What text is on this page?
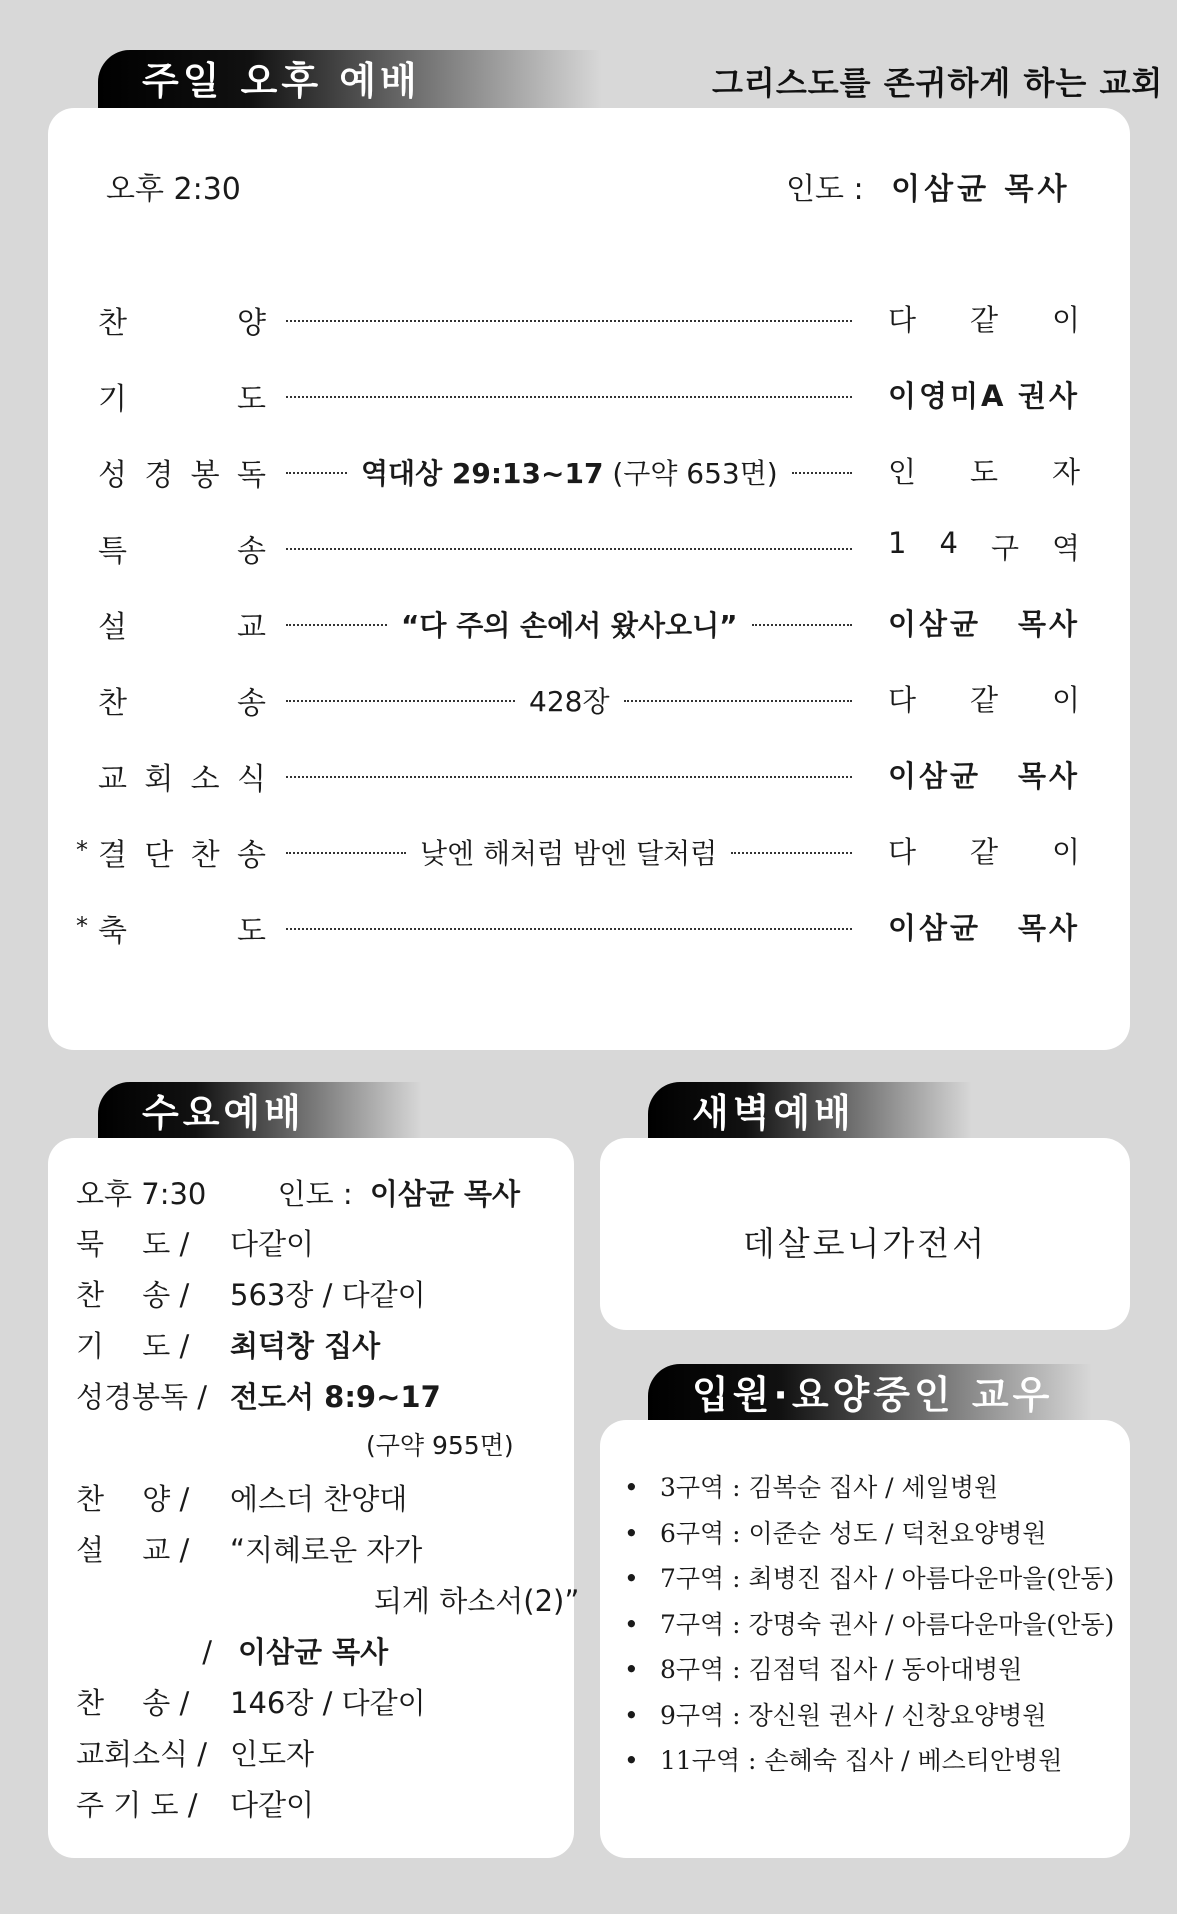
주일 오후 예배	그리스도를 존귀하게 하는 교회
오후 2:30	인도 : 이삼균 목사
찬	양	다 같 이
기	도	이영미A 권사
성 경 봉 독	역대상 29:13~17 (구약 653면)	인 도 자
특	송	1 4 구 역
설	교	“다 주의 손에서 왔사오니”	이삼균 목사
찬	송	428장	다 같 이
교 회 소 식	이삼균 목사
* 결 단 찬 송	낮엔 해처럼 밤엔 달처럼	다 같 이
* 축	도	이삼균 목사
수요예배
오후 7:30 인도 : 이삼균 목사
묵　 도 / 다같이
찬　 송 / 563장 / 다같이
기　 도 / 최덕창 집사
성경봉독 / 전도서 8:9~17
(구약 955면)
찬　 양 / 에스더 찬양대
설　 교 / “지혜로운 자가
되게 하소서(2)”
/ 이삼균 목사
찬　 송 / 146장 / 다같이
교회소식 / 인도자
주 기 도 / 다같이
새벽예배
데살로니가전서
입원·요양중인 교우
• 3구역 : 김복순 집사 / 세일병원
• 6구역 : 이준순 성도 / 덕천요양병원
• 7구역 : 최병진 집사 / 아름다운마을(안동)
• 7구역 : 강명숙 권사 / 아름다운마을(안동)
• 8구역 : 김점덕 집사 / 동아대병원
• 9구역 : 장신원 권사 / 신창요양병원
• 11구역 : 손혜숙 집사 / 베스티안병원
